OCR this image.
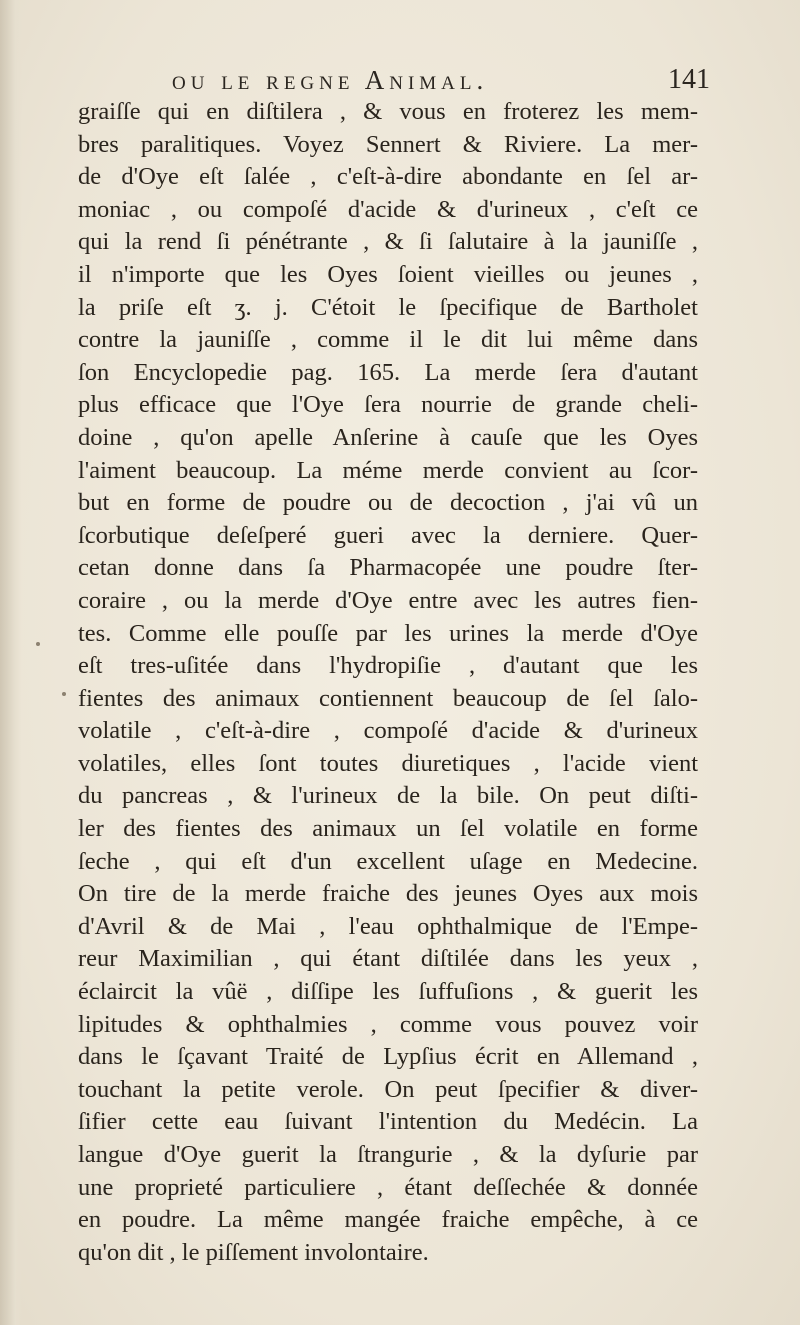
ou le regne Animal.	141
graiſſe qui en diſtilera , & vous en froterez les mem-
bres paralitiques. Voyez Sennert & Riviere. La mer-
de d'Oye eſt ſalée , c'eſt-à-dire abondante en ſel ar-
moniac , ou compoſé d'acide & d'urineux , c'eſt ce
qui la rend ſi pénétrante , & ſi ſalutaire à la jauniſſe ,
il n'importe que les Oyes ſoient vieilles ou jeunes ,
la priſe eſt ʒ. j. C'étoit le ſpecifique de Bartholet
contre la jauniſſe , comme il le dit lui même dans
ſon Encyclopedie pag. 165. La merde ſera d'autant
plus efficace que l'Oye ſera nourrie de grande cheli-
doine , qu'on apelle Anſerine à cauſe que les Oyes
l'aiment beaucoup. La méme merde convient au ſcor-
but en forme de poudre ou de decoction , j'ai vû un
ſcorbutique deſeſperé gueri avec la derniere. Quer-
cetan donne dans ſa Pharmacopée une poudre ſter-
coraire , ou la merde d'Oye entre avec les autres fien-
tes. Comme elle pouſſe par les urines la merde d'Oye
eſt tres-uſitée dans l'hydropiſie , d'autant que les
fientes des animaux contiennent beaucoup de ſel ſalo-
volatile , c'eſt-à-dire , compoſé d'acide & d'urineux
volatiles, elles ſont toutes diuretiques , l'acide vient
du pancreas , & l'urineux de la bile. On peut diſti-
ler des fientes des animaux un ſel volatile en forme
ſeche , qui eſt d'un excellent uſage en Medecine.
On tire de la merde fraiche des jeunes Oyes aux mois
d'Avril & de Mai , l'eau ophthalmique de l'Empe-
reur Maximilian , qui étant diſtilée dans les yeux ,
éclaircit la vûë , diſſipe les ſuffuſions , & guerit les
lipitudes & ophthalmies , comme vous pouvez voir
dans le ſçavant Traité de Lypſius écrit en Allemand ,
touchant la petite verole. On peut ſpecifier & diver-
ſifier cette eau ſuivant l'intention du Medécin. La
langue d'Oye guerit la ſtrangurie , & la dyſurie par
une proprieté particuliere , étant deſſechée & donnée
en poudre. La même mangée fraiche empêche, à ce
qu'on dit , le piſſement involontaire.
